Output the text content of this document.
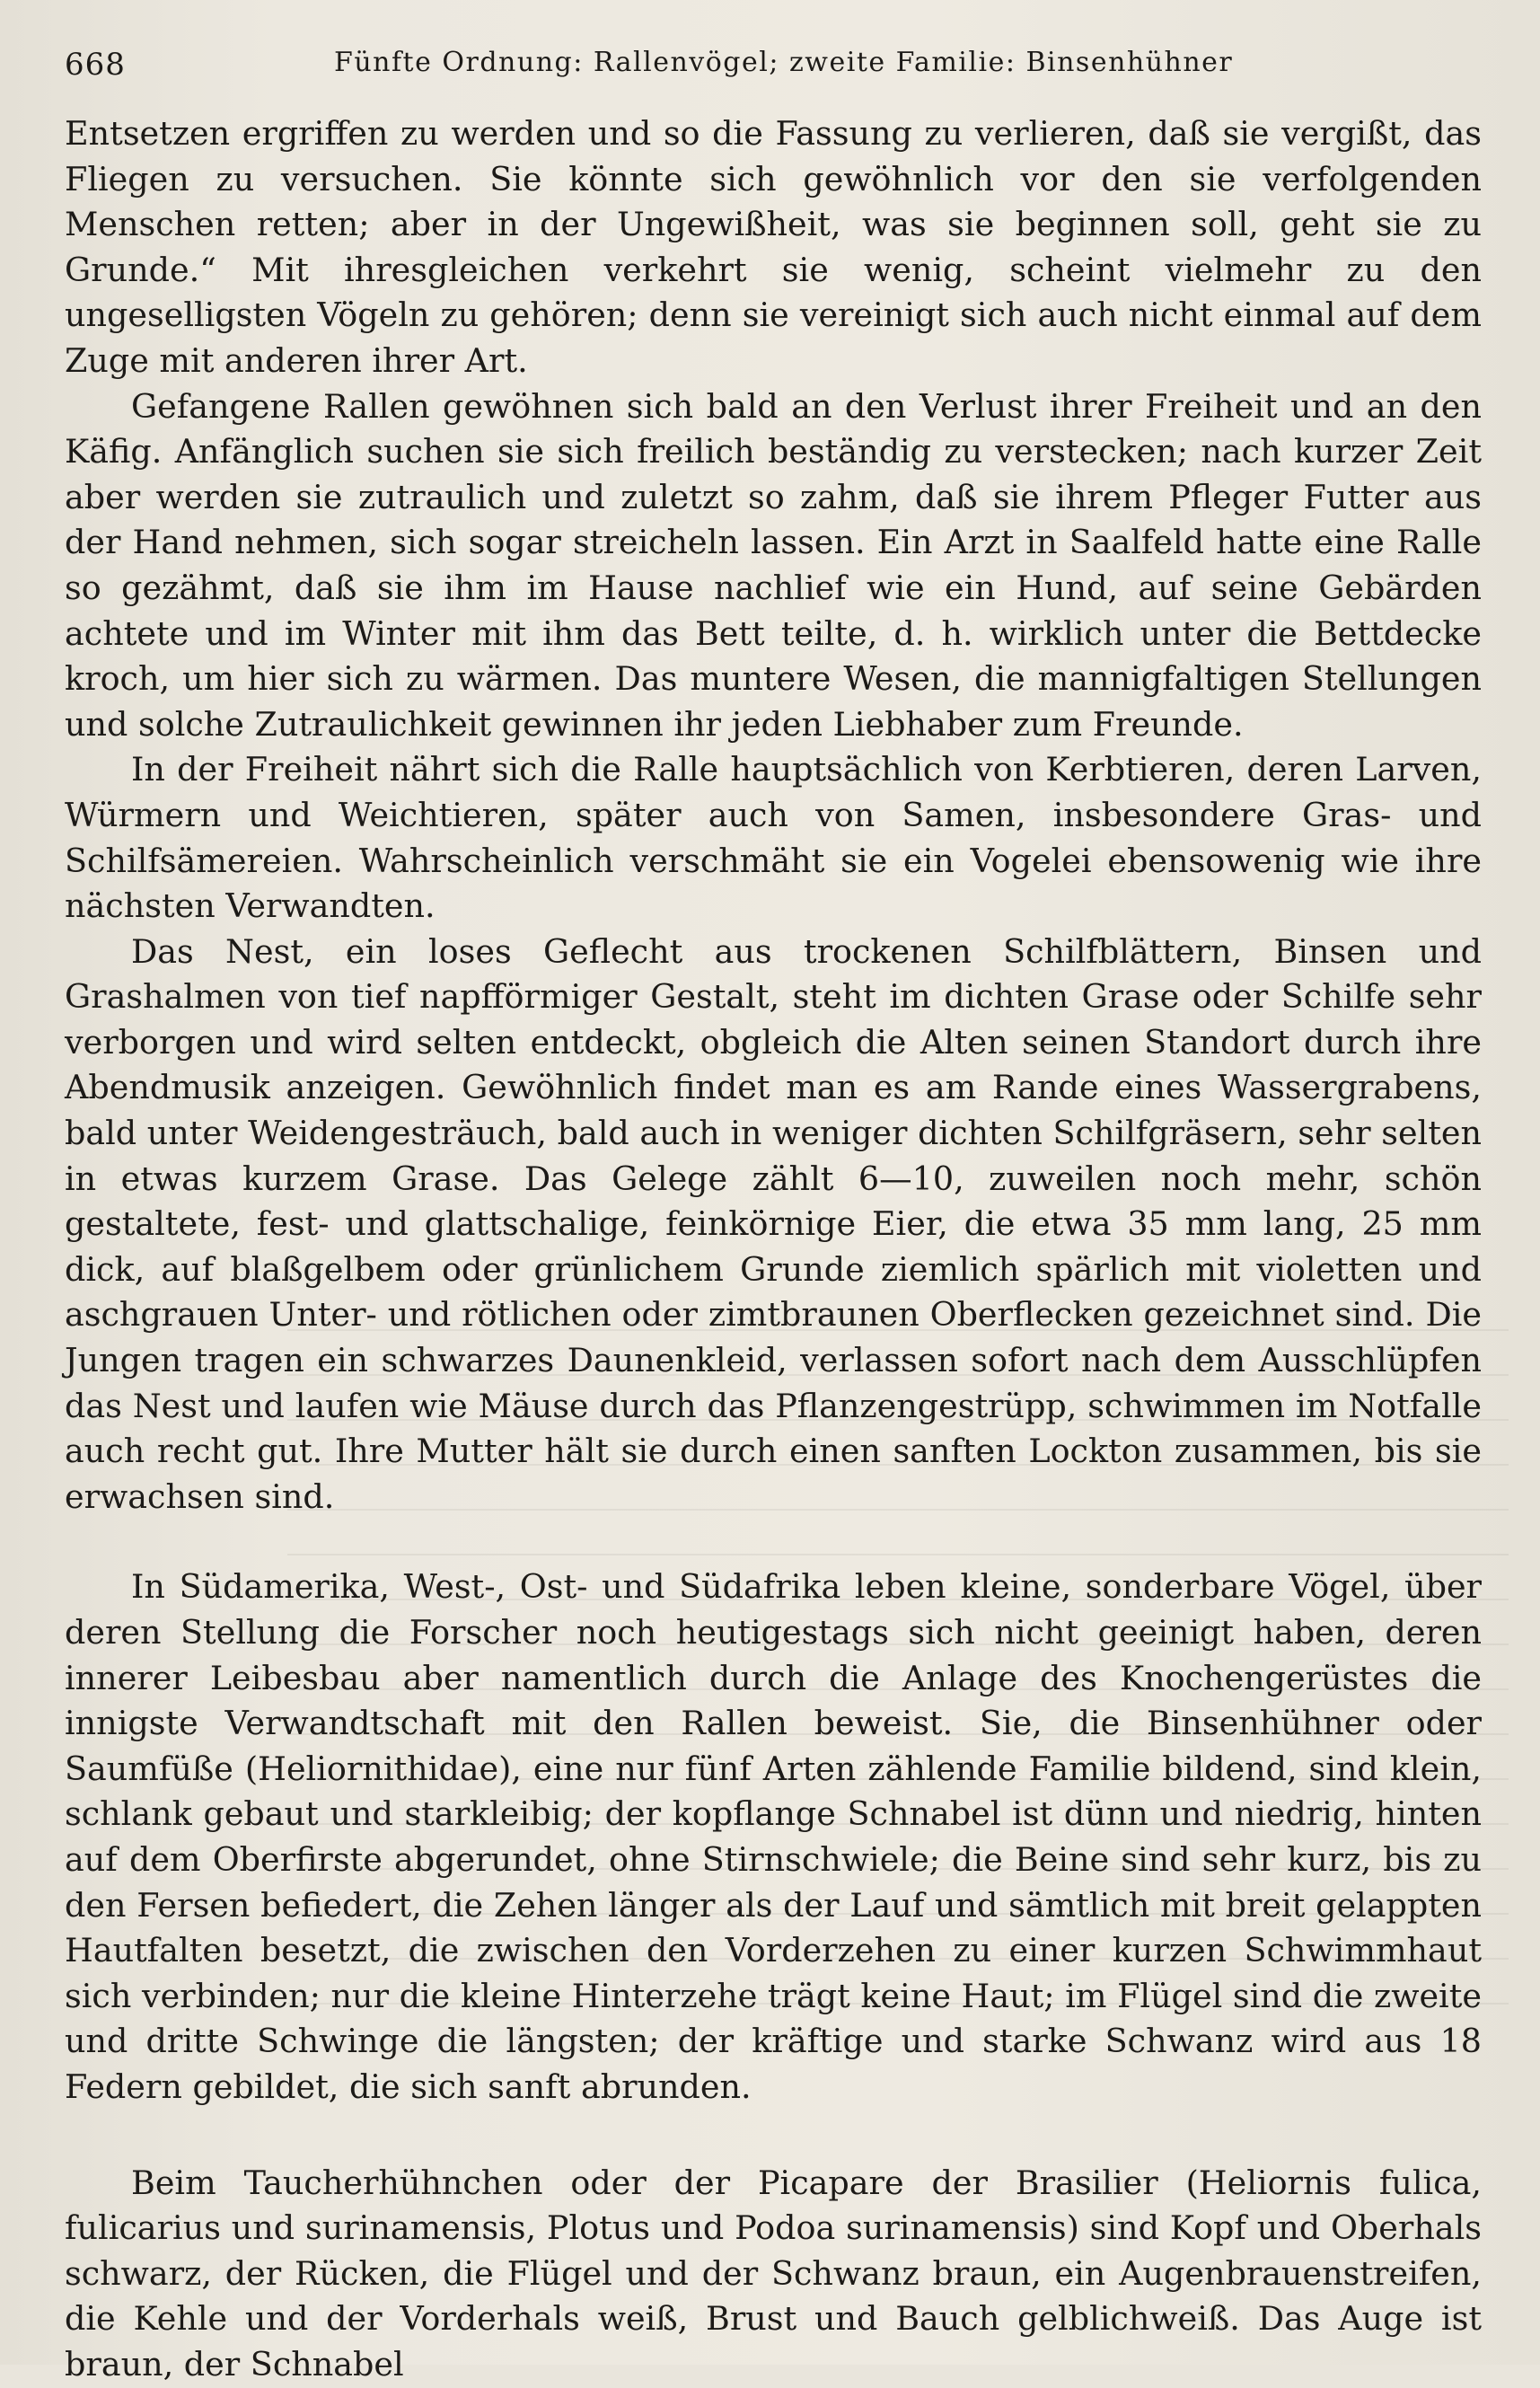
668	Fünfte Ordnung: Rallenvögel; zweite Familie: Binsenhühner

Entsetzen ergriffen zu werden und so die Fassung zu verlieren, daß sie vergißt, das Fliegen zu versuchen. Sie könnte sich gewöhnlich vor den sie verfolgenden Menschen retten; aber in der Ungewißheit, was sie beginnen soll, geht sie zu Grunde.“ Mit ihresgleichen verkehrt sie wenig, scheint vielmehr zu den ungeselligsten Vögeln zu gehören; denn sie vereinigt sich auch nicht einmal auf dem Zuge mit anderen ihrer Art.

Gefangene Rallen gewöhnen sich bald an den Verlust ihrer Freiheit und an den Käfig. Anfänglich suchen sie sich freilich beständig zu verstecken; nach kurzer Zeit aber werden sie zutraulich und zuletzt so zahm, daß sie ihrem Pfleger Futter aus der Hand nehmen, sich sogar streicheln lassen. Ein Arzt in Saalfeld hatte eine Ralle so gezähmt, daß sie ihm im Hause nachlief wie ein Hund, auf seine Gebärden achtete und im Winter mit ihm das Bett teilte, d. h. wirklich unter die Bettdecke kroch, um hier sich zu wärmen. Das muntere Wesen, die mannigfaltigen Stellungen und solche Zutraulichkeit gewinnen ihr jeden Liebhaber zum Freunde.

In der Freiheit nährt sich die Ralle hauptsächlich von Kerbtieren, deren Larven, Würmern und Weichtieren, später auch von Samen, insbesondere Gras- und Schilfsämereien. Wahrscheinlich verschmäht sie ein Vogelei ebensowenig wie ihre nächsten Verwandten.

Das Nest, ein loses Geflecht aus trockenen Schilfblättern, Binsen und Grashalmen von tief napfförmiger Gestalt, steht im dichten Grase oder Schilfe sehr verborgen und wird selten entdeckt, obgleich die Alten seinen Standort durch ihre Abendmusik anzeigen. Gewöhnlich findet man es am Rande eines Wassergrabens, bald unter Weidengesträuch, bald auch in weniger dichten Schilfgräsern, sehr selten in etwas kurzem Grase. Das Gelege zählt 6—10, zuweilen noch mehr, schön gestaltete, fest- und glattschalige, feinkörnige Eier, die etwa 35 mm lang, 25 mm dick, auf blaßgelbem oder grünlichem Grunde ziemlich spärlich mit violetten und aschgrauen Unter- und rötlichen oder zimtbraunen Oberflecken gezeichnet sind. Die Jungen tragen ein schwarzes Daunenkleid, verlassen sofort nach dem Ausschlüpfen das Nest und laufen wie Mäuse durch das Pflanzengestrüpp, schwimmen im Notfalle auch recht gut. Ihre Mutter hält sie durch einen sanften Lockton zusammen, bis sie erwachsen sind.

In Südamerika, West-, Ost- und Südafrika leben kleine, sonderbare Vögel, über deren Stellung die Forscher noch heutigestags sich nicht geeinigt haben, deren innerer Leibesbau aber namentlich durch die Anlage des Knochengerüstes die innigste Verwandtschaft mit den Rallen beweist. Sie, die Binsenhühner oder Saumfüße (Heliornithidae), eine nur fünf Arten zählende Familie bildend, sind klein, schlank gebaut und starkleibig; der kopflange Schnabel ist dünn und niedrig, hinten auf dem Oberfirste abgerundet, ohne Stirnschwiele; die Beine sind sehr kurz, bis zu den Fersen befiedert, die Zehen länger als der Lauf und sämtlich mit breit gelappten Hautfalten besetzt, die zwischen den Vorderzehen zu einer kurzen Schwimmhaut sich verbinden; nur die kleine Hinterzehe trägt keine Haut; im Flügel sind die zweite und dritte Schwinge die längsten; der kräftige und starke Schwanz wird aus 18 Federn gebildet, die sich sanft abrunden.

Beim Taucherhühnchen oder der Picapare der Brasilier (Heliornis fulica, fulicarius und surinamensis, Plotus und Podoa surinamensis) sind Kopf und Oberhals schwarz, der Rücken, die Flügel und der Schwanz braun, ein Augenbrauenstreifen, die Kehle und der Vorderhals weiß, Brust und Bauch gelblichweiß. Das Auge ist braun, der Schnabel
